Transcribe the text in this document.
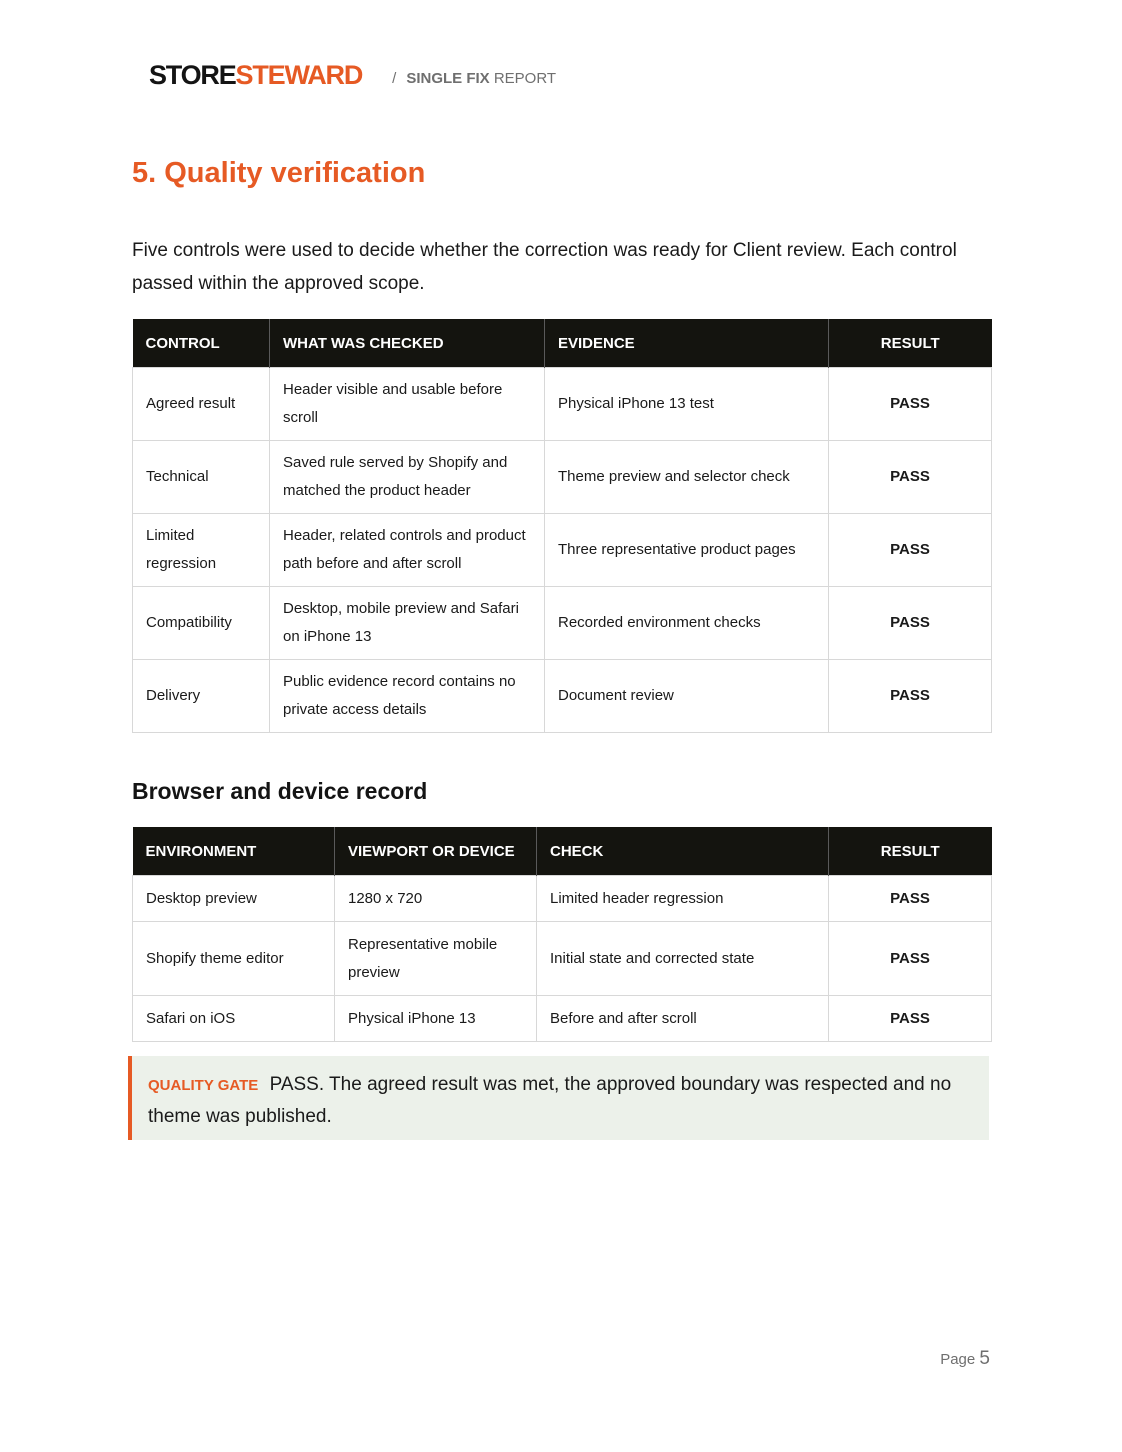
STORESTEWARD / SINGLE FIX REPORT
5. Quality verification

Five controls were used to decide whether the correction was ready for Client review. Each control passed within the approved scope.

CONTROL	WHAT WAS CHECKED	EVIDENCE	RESULT
Agreed result	Header visible and usable before scroll	Physical iPhone 13 test	PASS
Technical	Saved rule served by Shopify and matched the product header	Theme preview and selector check	PASS
Limited regression	Header, related controls and product path before and after scroll	Three representative product pages	PASS
Compatibility	Desktop, mobile preview and Safari on iPhone 13	Recorded environment checks	PASS
Delivery	Public evidence record contains no private access details	Document review	PASS
Browser and device record
ENVIRONMENT	VIEWPORT OR DEVICE	CHECK	RESULT
Desktop preview	1280 x 720	Limited header regression	PASS
Shopify theme editor	Representative mobile preview	Initial state and corrected state	PASS
Safari on iOS	Physical iPhone 13	Before and after scroll	PASS
QUALITY GATE PASS. The agreed result was met, the approved boundary was respected and no theme was published.
Page 5
